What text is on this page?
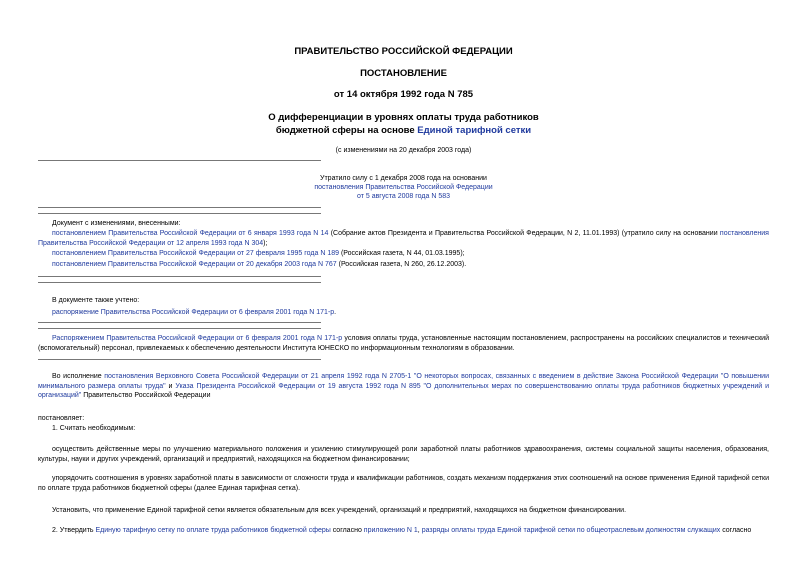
ПРАВИТЕЛЬСТВО РОССИЙСКОЙ ФЕДЕРАЦИИ
ПОСТАНОВЛЕНИЕ
от 14 октября 1992 года N 785
О дифференциации в уровнях оплаты труда работников
бюджетной сферы на основе Единой тарифной сетки
(с изменениями на 20 декабря 2003 года)
Утратило силу с 1 декабря 2008 года на основании
постановления Правительства Российской Федерации
от 5 августа 2008 года N 583
Документ с изменениями, внесенными:
постановлением Правительства Российской Федерации от 6 января 1993 года N 14 (Собрание актов Президента и Правительства Российской Федерации, N 2, 11.01.1993) (утратило силу на основании постановления Правительства Российской Федерации от 12 апреля 1993 года N 304);
постановлением Правительства Российской Федерации от 27 февраля 1995 года N 189 (Российская газета, N 44, 01.03.1995);
постановлением Правительства Российской Федерации от 20 декабря 2003 года N 767 (Российская газета, N 260, 26.12.2003).
В документе также учтено:
распоряжение Правительства Российской Федерации от 6 февраля 2001 года N 171-р.
Распоряжением Правительства Российской Федерации от 6 февраля 2001 года N 171-р условия оплаты труда, установленные настоящим постановлением, распространены на российских специалистов и технический (вспомогательный) персонал, привлекаемых к обеспечению деятельности Института ЮНЕСКО по информационным технологиям в образовании.
Во исполнение постановления Верховного Совета Российской Федерации от 21 апреля 1992 года N 2705-1 "О некоторых вопросах, связанных с введением в действие Закона Российской Федерации "О повышении минимального размера оплаты труда" и Указа Президента Российской Федерации от 19 августа 1992 года N 895 "О дополнительных мерах по совершенствованию оплаты труда работников бюджетных учреждений и организаций" Правительство Российской Федерации
постановляет:
1. Считать необходимым:
осуществить действенные меры по улучшению материального положения и усилению стимулирующей роли заработной платы работников здравоохранения, системы социальной защиты населения, образования, культуры, науки и других учреждений, организаций и предприятий, находящихся на бюджетном финансировании;
упорядочить соотношения в уровнях заработной платы в зависимости от сложности труда и квалификации работников, создать механизм поддержания этих соотношений на основе применения Единой тарифной сетки по оплате труда работников бюджетной сферы (далее Единая тарифная сетка).
Установить, что применение Единой тарифной сетки является обязательным для всех учреждений, организаций и предприятий, находящихся на бюджетном финансировании.
2. Утвердить Единую тарифную сетку по оплате труда работников бюджетной сферы согласно приложению N 1, разряды оплаты труда Единой тарифной сетки по общеотраслевым должностям служащих согласно
